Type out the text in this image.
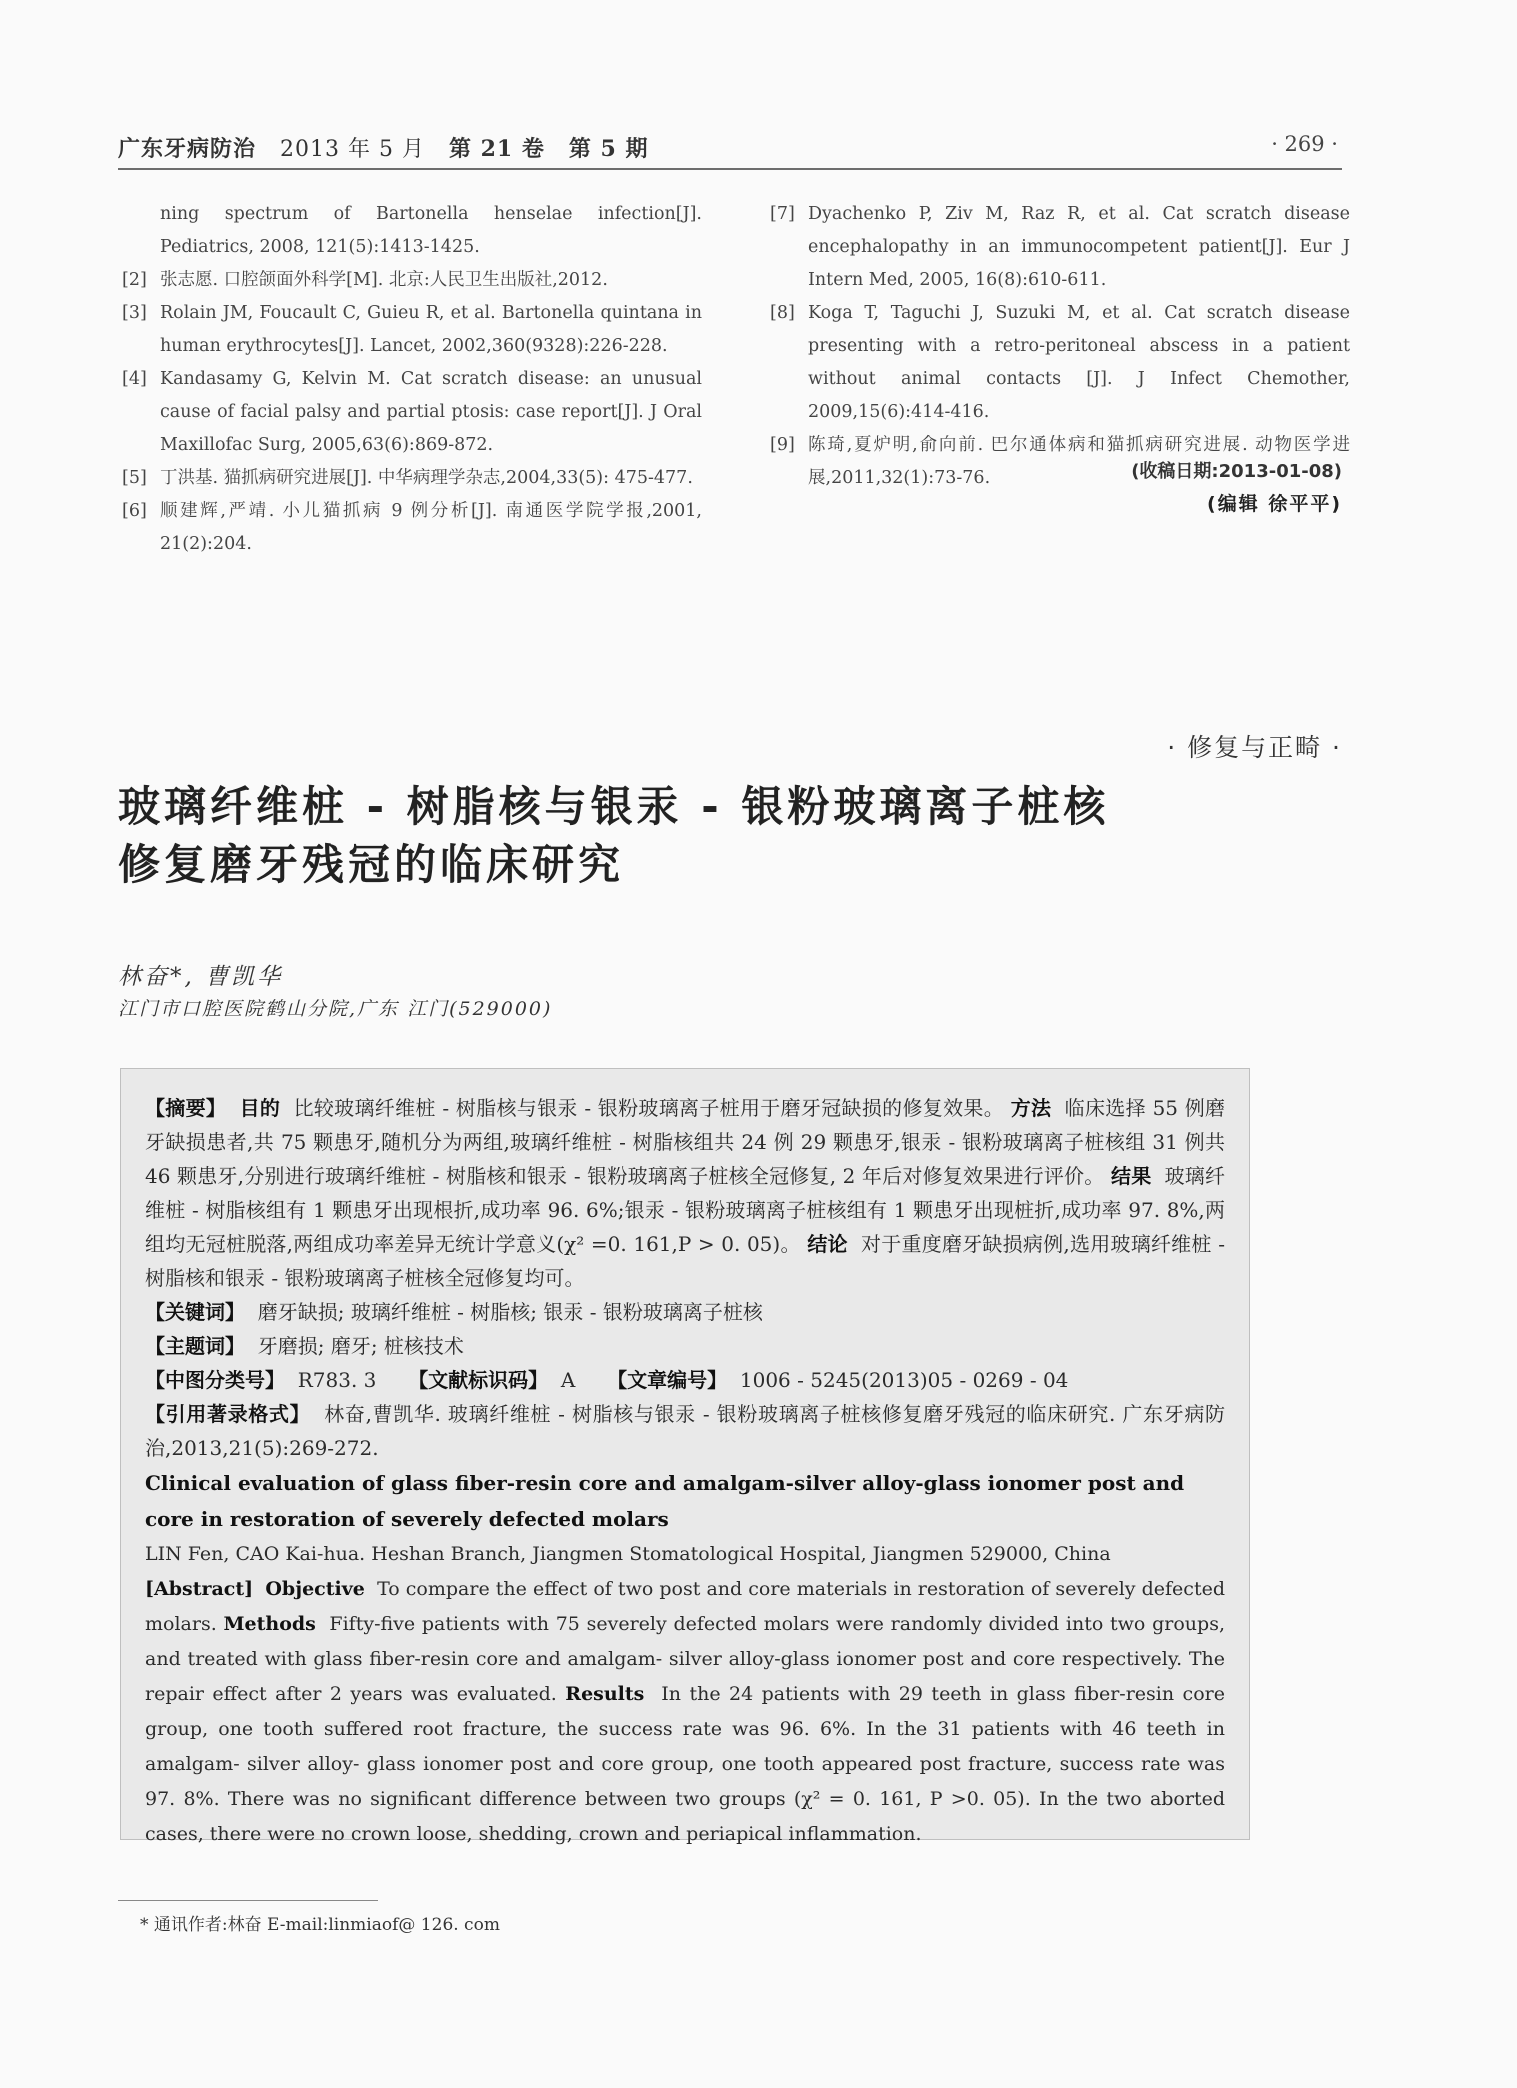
广东牙病防治 2013 年 5 月 第 21 卷 第 5 期	· 269 ·
ning spectrum of Bartonella henselae infection[J]. Pediatrics, 2008, 121(5):1413-1425.
[2] 张志愿. 口腔颌面外科学[M]. 北京:人民卫生出版社,2012.
[3] Rolain JM, Foucault C, Guieu R, et al. Bartonella quintana in human erythrocytes[J]. Lancet, 2002,360(9328):226-228.
[4] Kandasamy G, Kelvin M. Cat scratch disease: an unusual cause of facial palsy and partial ptosis: case report[J]. J Oral Maxillofac Surg, 2005,63(6):869-872.
[5] 丁洪基. 猫抓病研究进展[J]. 中华病理学杂志,2004,33(5): 475-477.
[6] 顺建辉,严靖. 小儿猫抓病 9 例分析[J]. 南通医学院学报,2001, 21(2):204.
[7] Dyachenko P, Ziv M, Raz R, et al. Cat scratch disease encephalopathy in an immunocompetent patient[J]. Eur J Intern Med, 2005, 16(8):610-611.
[8] Koga T, Taguchi J, Suzuki M, et al. Cat scratch disease presenting with a retro-peritoneal abscess in a patient without animal contacts [J]. J Infect Chemother, 2009,15(6):414-416.
[9] 陈琦,夏炉明,俞向前. 巴尔通体病和猫抓病研究进展. 动物医学进展,2011,32(1):73-76.	(收稿日期:2013-01-08)
(编辑 徐平平)
· 修复与正畸 ·
玻璃纤维桩 - 树脂核与银汞 - 银粉玻璃离子桩核
修复磨牙残冠的临床研究
林奋*, 曹凯华
江门市口腔医院鹤山分院,广东 江门(529000)
【摘要】 目的 比较玻璃纤维桩 - 树脂核与银汞 - 银粉玻璃离子桩用于磨牙冠缺损的修复效果。 方法 临床选择 55 例磨牙缺损患者,共 75 颗患牙,随机分为两组,玻璃纤维桩 - 树脂核组共 24 例 29 颗患牙,银汞 - 银粉玻璃离子桩核组 31 例共 46 颗患牙,分别进行玻璃纤维桩 - 树脂核和银汞 - 银粉玻璃离子桩核全冠修复, 2 年后对修复效果进行评价。 结果 玻璃纤维桩 - 树脂核组有 1 颗患牙出现根折,成功率 96. 6%;银汞 - 银粉玻璃离子桩核组有 1 颗患牙出现桩折,成功率 97. 8%,两组均无冠桩脱落,两组成功率差异无统计学意义(χ² =0. 161,P > 0. 05)。 结论 对于重度磨牙缺损病例,选用玻璃纤维桩 - 树脂核和银汞 - 银粉玻璃离子桩核全冠修复均可。
【关键词】 磨牙缺损; 玻璃纤维桩 - 树脂核; 银汞 - 银粉玻璃离子桩核
【主题词】 牙磨损; 磨牙; 桩核技术
【中图分类号】 R783. 3 【文献标识码】 A 【文章编号】 1006 - 5245(2013)05 - 0269 - 04
【引用著录格式】 林奋,曹凯华. 玻璃纤维桩 - 树脂核与银汞 - 银粉玻璃离子桩核修复磨牙残冠的临床研究. 广东牙病防治,2013,21(5):269-272.
Clinical evaluation of glass fiber-resin core and amalgam-silver alloy-glass ionomer post and core in restoration of severely defected molars
LIN Fen, CAO Kai-hua. Heshan Branch, Jiangmen Stomatological Hospital, Jiangmen 529000, China
[Abstract] Objective To compare the effect of two post and core materials in restoration of severely defected molars. Methods Fifty-five patients with 75 severely defected molars were randomly divided into two groups, and treated with glass fiber-resin core and amalgam- silver alloy-glass ionomer post and core respectively. The repair effect after 2 years was evaluated. Results In the 24 patients with 29 teeth in glass fiber-resin core group, one tooth suffered root fracture, the success rate was 96. 6%. In the 31 patients with 46 teeth in amalgam- silver alloy- glass ionomer post and core group, one tooth appeared post fracture, success rate was 97. 8%. There was no significant difference between two groups (χ² = 0. 161, P >0. 05). In the two aborted cases, there were no crown loose, shedding, crown and periapical inflammation.
* 通讯作者:林奋 E-mail:linmiaof@ 126. com
